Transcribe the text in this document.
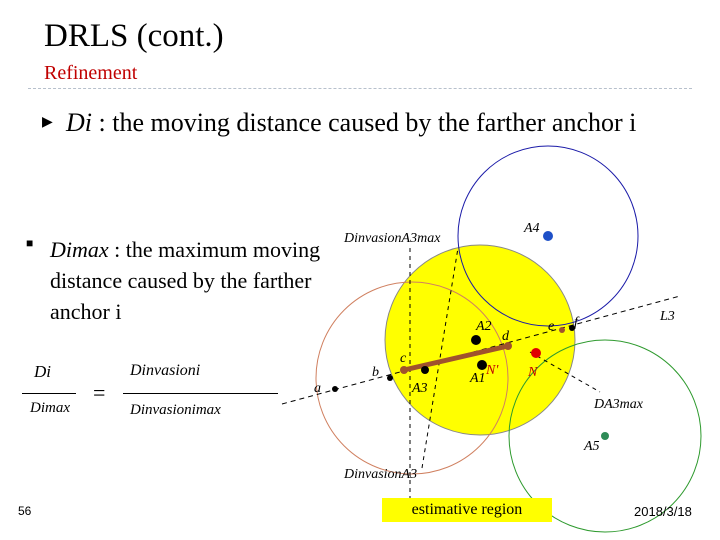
DRLS (cont.)
Refinement
▶ Di : the moving distance caused by the farther anchor i
■ Dimax : the maximum moving distance caused by the farther anchor i
Di
Dimax
=
Dinvasioni
Dinvasionimax
DinvasionA3max
A4
A2
A1
A3
A5
L3
a
b
c
d
e f
N' N
DA3max
DinvasionA3
estimative region
56	2018/3/18
